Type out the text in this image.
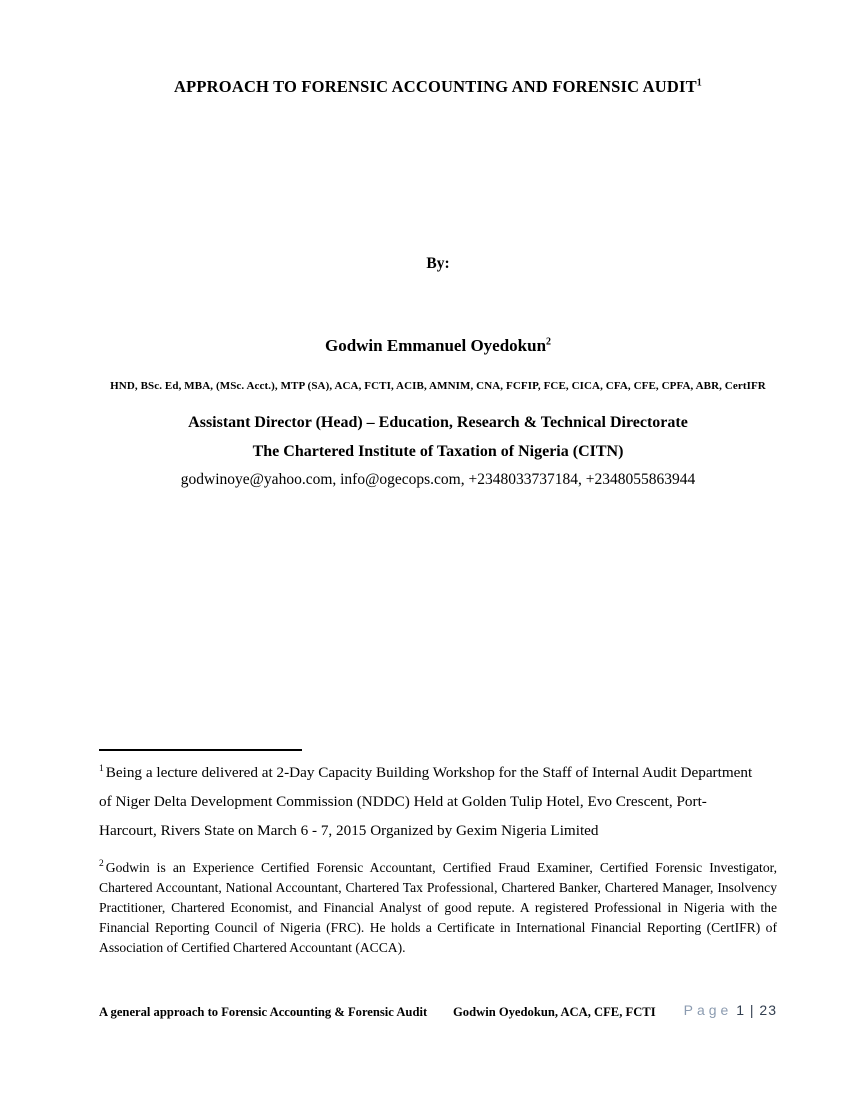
APPROACH TO FORENSIC ACCOUNTING AND FORENSIC AUDIT$^1$
By:
Godwin Emmanuel Oyedokun$^2$
HND, BSc. Ed, MBA, (MSc. Acct.), MTP (SA), ACA, FCTI, ACIB, AMNIM, CNA, FCFIP, FCE, CICA, CFA, CFE, CPFA, ABR, CertIFR
Assistant Director (Head) – Education, Research & Technical Directorate
The Chartered Institute of Taxation of Nigeria (CITN)
godwinoye@yahoo.com, info@ogecops.com, +2348033737184, +2348055863944
$^1$ Being a lecture delivered at 2-Day Capacity Building Workshop for the Staff of Internal Audit Department of Niger Delta Development Commission (NDDC) Held at Golden Tulip Hotel, Evo Crescent, Port-Harcourt, Rivers State on March 6 - 7, 2015 Organized by Gexim Nigeria Limited
$^2$ Godwin is an Experience Certified Forensic Accountant, Certified Fraud Examiner, Certified Forensic Investigator, Chartered Accountant, National Accountant, Chartered Tax Professional, Chartered Banker, Chartered Manager, Insolvency Practitioner, Chartered Economist, and Financial Analyst of good repute. A registered Professional in Nigeria with the Financial Reporting Council of Nigeria (FRC). He holds a Certificate in International Financial Reporting (CertIFR) of Association of Certified Chartered Accountant (ACCA).
A general approach to Forensic Accounting & Forensic Audit Godwin Oyedokun, ACA, CFE, FCTI Page 1 | 23
